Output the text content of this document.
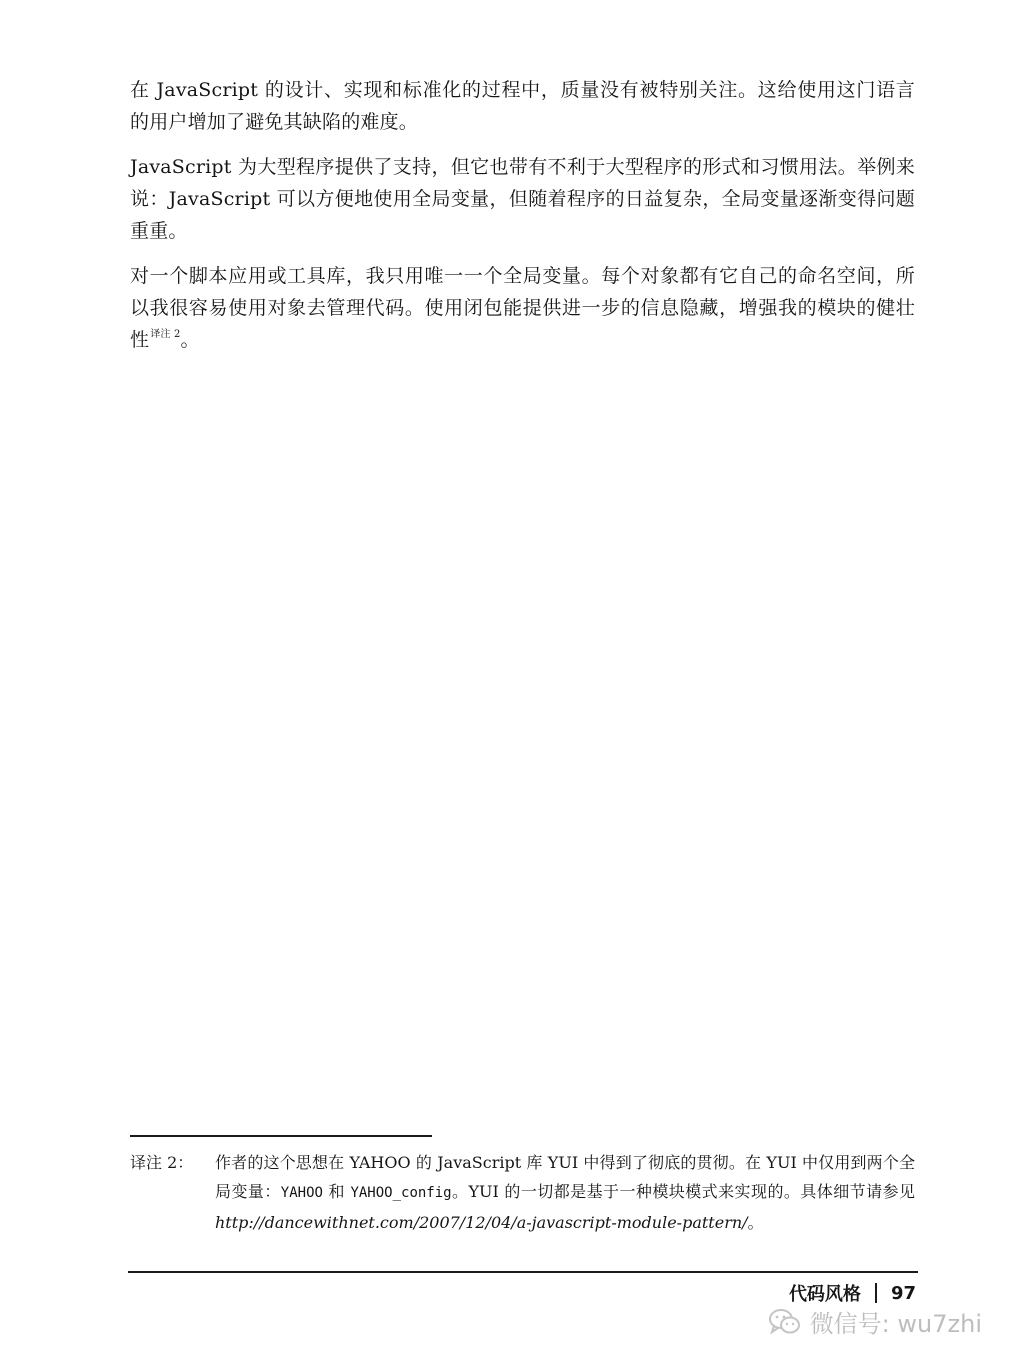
在 JavaScript 的设计、实现和标准化的过程中，质量没有被特别关注。这给使用这门语言的用户增加了避免其缺陷的难度。

JavaScript 为大型程序提供了支持，但它也带有不利于大型程序的形式和习惯用法。举例来说：JavaScript 可以方便地使用全局变量，但随着程序的日益复杂，全局变量逐渐变得问题重重。

对一个脚本应用或工具库，我只用唯一一个全局变量。每个对象都有它自己的命名空间，所以我很容易使用对象去管理代码。使用闭包能提供进一步的信息隐藏，增强我的模块的健壮性$^{译注 2}$。

译注 2：	作者的这个思想在 YAHOO 的 JavaScript 库 YUI 中得到了彻底的贯彻。在 YUI 中仅用到两个全局变量：YAHOO 和 YAHOO_config。YUI 的一切都是基于一种模块模式来实现的。具体细节请参见 http://dancewithnet.com/2007/12/04/a-javascript-module-pattern/。
代码风格 97
微信号: wu7zhi
